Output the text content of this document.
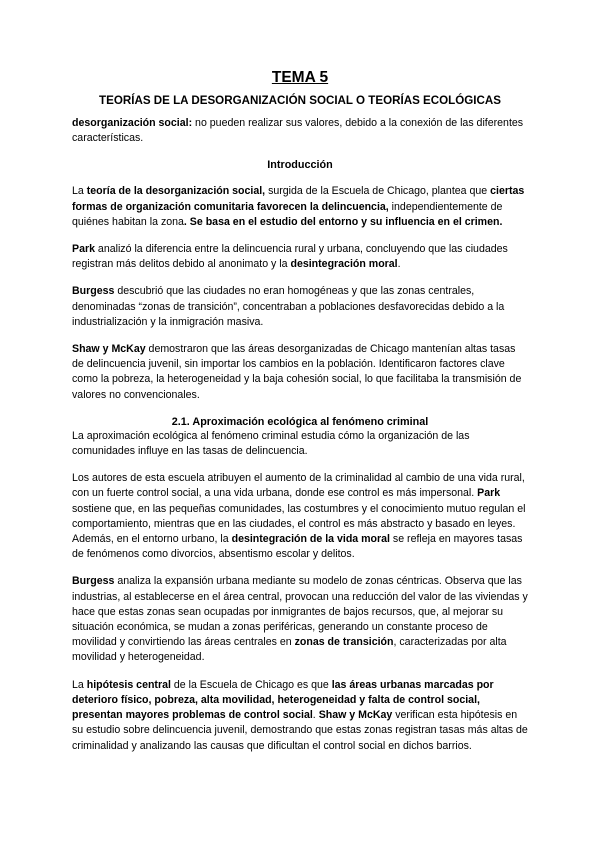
TEMA 5
TEORÍAS DE LA DESORGANIZACIÓN SOCIAL O TEORÍAS ECOLÓGICAS

desorganización social: no pueden realizar sus valores, debido a la conexión de las diferentes características.

Introducción

La teoría de la desorganización social, surgida de la Escuela de Chicago, plantea que ciertas formas de organización comunitaria favorecen la delincuencia, independientemente de quiénes habitan la zona. Se basa en el estudio del entorno y su influencia en el crimen.

Park analizó la diferencia entre la delincuencia rural y urbana, concluyendo que las ciudades registran más delitos debido al anonimato y la desintegración moral.

Burgess descubrió que las ciudades no eran homogéneas y que las zonas centrales, denominadas “zonas de transición”, concentraban a poblaciones desfavorecidas debido a la industrialización y la inmigración masiva.

Shaw y McKay demostraron que las áreas desorganizadas de Chicago mantenían altas tasas de delincuencia juvenil, sin importar los cambios en la población. Identificaron factores clave como la pobreza, la heterogeneidad y la baja cohesión social, lo que facilitaba la transmisión de valores no convencionales.

2.1. Aproximación ecológica al fenómeno criminal

La aproximación ecológica al fenómeno criminal estudia cómo la organización de las comunidades influye en las tasas de delincuencia.

Los autores de esta escuela atribuyen el aumento de la criminalidad al cambio de una vida rural, con un fuerte control social, a una vida urbana, donde ese control es más impersonal. Park sostiene que, en las pequeñas comunidades, las costumbres y el conocimiento mutuo regulan el comportamiento, mientras que en las ciudades, el control es más abstracto y basado en leyes. Además, en el entorno urbano, la desintegración de la vida moral se refleja en mayores tasas de fenómenos como divorcios, absentismo escolar y delitos.

Burgess analiza la expansión urbana mediante su modelo de zonas céntricas. Observa que las industrias, al establecerse en el área central, provocan una reducción del valor de las viviendas y hace que estas zonas sean ocupadas por inmigrantes de bajos recursos, que, al mejorar su situación económica, se mudan a zonas periféricas, generando un constante proceso de movilidad y convirtiendo las áreas centrales en zonas de transición, caracterizadas por alta movilidad y heterogeneidad.

La hipótesis central de la Escuela de Chicago es que las áreas urbanas marcadas por deterioro físico, pobreza, alta movilidad, heterogeneidad y falta de control social, presentan mayores problemas de control social. Shaw y McKay verifican esta hipótesis en su estudio sobre delincuencia juvenil, demostrando que estas zonas registran tasas más altas de criminalidad y analizando las causas que dificultan el control social en dichos barrios.
